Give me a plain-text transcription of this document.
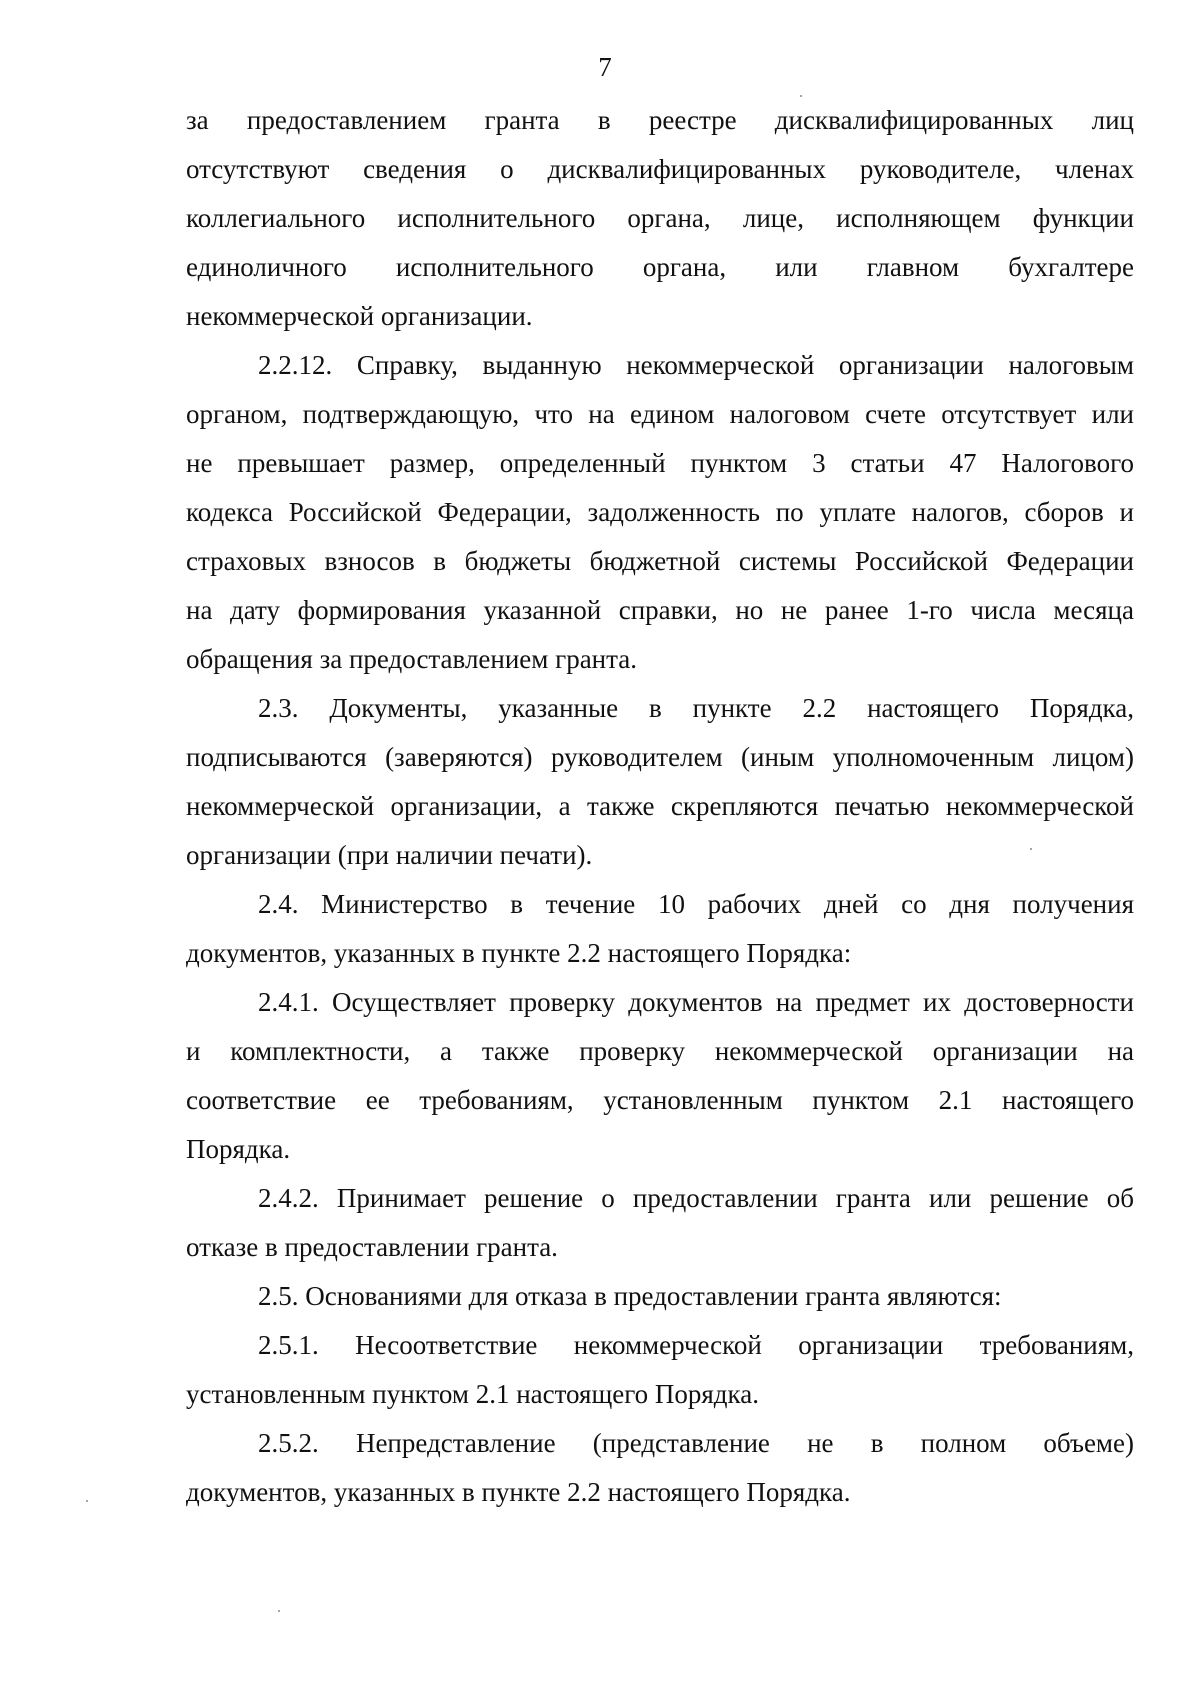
7
за предоставлением гранта в реестре дисквалифицированных лиц
отсутствуют сведения о дисквалифицированных руководителе, членах
коллегиального исполнительного органа, лице, исполняющем функции
единоличного исполнительного органа, или главном бухгалтере
некоммерческой организации.
2.2.12. Справку, выданную некоммерческой организации налоговым
органом, подтверждающую, что на едином налоговом счете отсутствует или
не превышает размер, определенный пунктом 3 статьи 47 Налогового
кодекса Российской Федерации, задолженность по уплате налогов, сборов и
страховых взносов в бюджеты бюджетной системы Российской Федерации
на дату формирования указанной справки, но не ранее 1-го числа месяца
обращения за предоставлением гранта.
2.3. Документы, указанные в пункте 2.2 настоящего Порядка,
подписываются (заверяются) руководителем (иным уполномоченным лицом)
некоммерческой организации, а также скрепляются печатью некоммерческой
организации (при наличии печати).
2.4. Министерство в течение 10 рабочих дней со дня получения
документов, указанных в пункте 2.2 настоящего Порядка:
2.4.1. Осуществляет проверку документов на предмет их достоверности
и комплектности, а также проверку некоммерческой организации на
соответствие ее требованиям, установленным пунктом 2.1 настоящего
Порядка.
2.4.2. Принимает решение о предоставлении гранта или решение об
отказе в предоставлении гранта.
2.5. Основаниями для отказа в предоставлении гранта являются:
2.5.1. Несоответствие некоммерческой организации требованиям,
установленным пунктом 2.1 настоящего Порядка.
2.5.2. Непредставление (представление не в полном объеме)
документов, указанных в пункте 2.2 настоящего Порядка.
